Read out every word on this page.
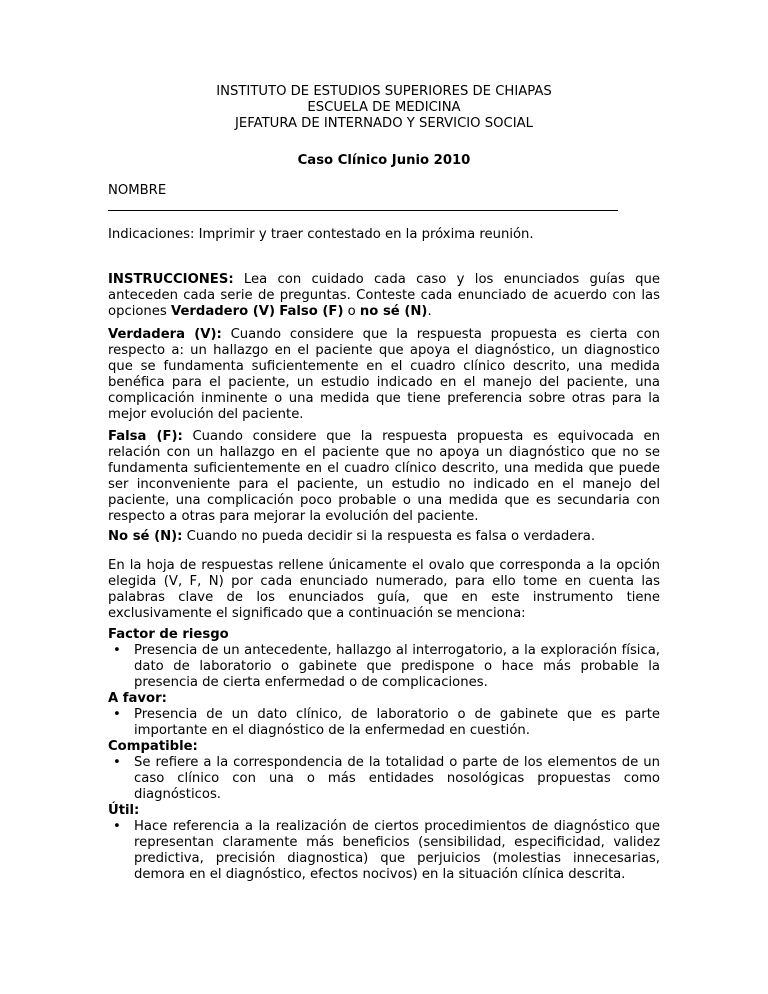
INSTITUTO DE ESTUDIOS SUPERIORES DE CHIAPAS
ESCUELA DE MEDICINA
JEFATURA DE INTERNADO Y SERVICIO SOCIAL
Caso Clínico Junio 2010
NOMBRE
Indicaciones: Imprimir y traer contestado en la próxima reunión.
INSTRUCCIONES: Lea con cuidado cada caso y los enunciados guías que anteceden cada serie de preguntas. Conteste cada enunciado de acuerdo con las opciones Verdadero (V) Falso (F) o no sé (N).
Verdadera (V): Cuando considere que la respuesta propuesta es cierta con respecto a: un hallazgo en el paciente que apoya el diagnóstico, un diagnostico que se fundamenta suficientemente en el cuadro clínico descrito, una medida benéfica para el paciente, un estudio indicado en el manejo del paciente, una complicación inminente o una medida que tiene preferencia sobre otras para la mejor evolución del paciente.
Falsa (F): Cuando considere que la respuesta propuesta es equivocada en relación con un hallazgo en el paciente que no apoya un diagnóstico que no se fundamenta suficientemente en el cuadro clínico descrito, una medida que puede ser inconveniente para el paciente, un estudio no indicado en el manejo del paciente, una complicación poco probable o una medida que es secundaria con respecto a otras para mejorar la evolución del paciente.
No sé (N): Cuando no pueda decidir si la respuesta es falsa o verdadera.
En la hoja de respuestas rellene únicamente el ovalo que corresponda a la opción elegida (V, F, N) por cada enunciado numerado, para ello tome en cuenta las palabras clave de los enunciados guía, que en este instrumento tiene exclusivamente el significado que a continuación se menciona:
Factor de riesgo
• Presencia de un antecedente, hallazgo al interrogatorio, a la exploración física, dato de laboratorio o gabinete que predispone o hace más probable la presencia de cierta enfermedad o de complicaciones.
A favor:
• Presencia de un dato clínico, de laboratorio o de gabinete que es parte importante en el diagnóstico de la enfermedad en cuestión.
Compatible:
• Se refiere a la correspondencia de la totalidad o parte de los elementos de un caso clínico con una o más entidades nosológicas propuestas como diagnósticos.
Útil:
• Hace referencia a la realización de ciertos procedimientos de diagnóstico que representan claramente más beneficios (sensibilidad, especificidad, validez predictiva, precisión diagnostica) que perjuicios (molestias innecesarias, demora en el diagnóstico, efectos nocivos) en la situación clínica descrita.
